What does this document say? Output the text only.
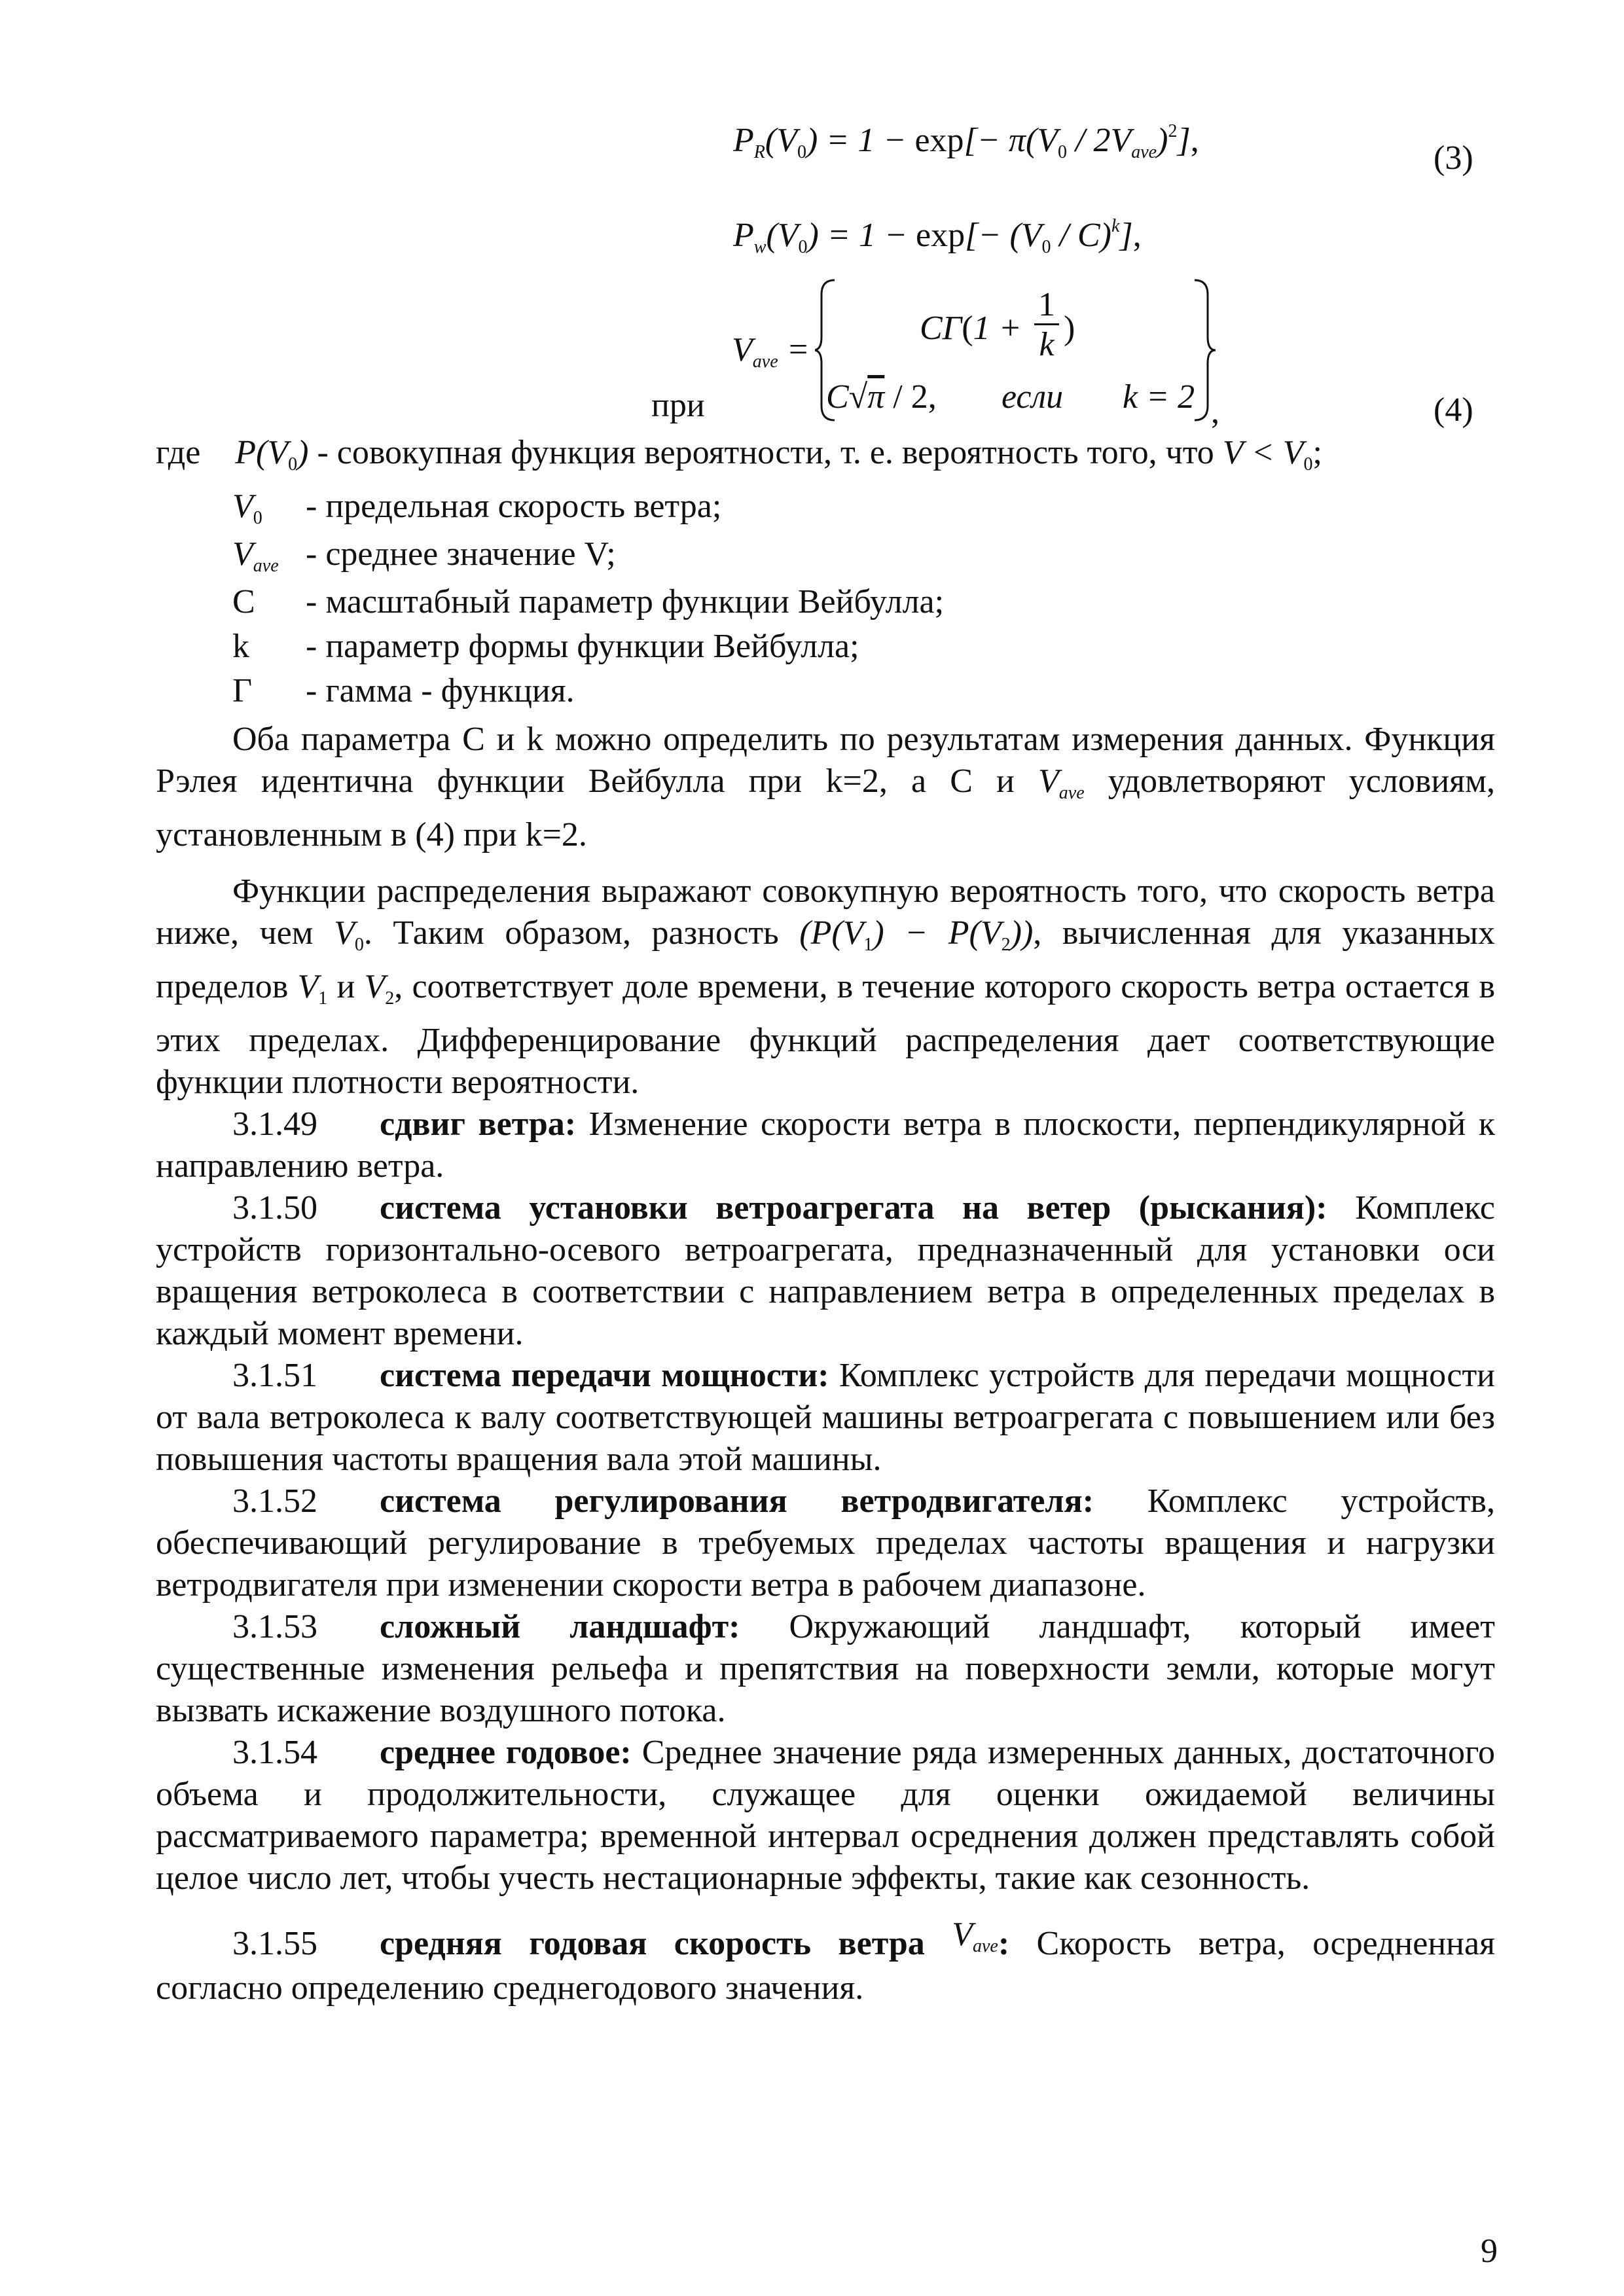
$P_R(V_0) = 1 - \exp[- \pi(V_0 / 2V_{ave})^2]$,	(3)
$P_w(V_0) = 1 - \exp[- (V_0 / C)^k]$,
$V_{ave}$ =
CΓ(1 +
1

k )
C√π / 2, если k = 2
при	,	(4)
где $P(V_0)$ - совокупная функция вероятности, т. е. вероятность того, что $V < V_0$;
$V_0$ - предельная скорость ветра;
$V_{ave}$ - среднее значение V;
C - масштабный параметр функции Вейбулла;
k - параметр формы функции Вейбулла;
Г - гамма - функция.

Оба параметра C и k можно определить по результатам измерения данных. Функция Рэлея идентична функции Вейбулла при k=2, а C и $V_{ave}$ удовлетворяют условиям, установленным в (4) при k=2.

Функции распределения выражают совокупную вероятность того, что скорость ветра ниже, чем $V_0$. Таким образом, разность $(P(V_1) - P(V_2))$, вычисленная для указанных пределов $V_1$ и $V_2$, соответствует доле времени, в течение которого скорость ветра остается в этих пределах. Дифференцирование функций распределения дает соответствующие функции плотности вероятности.

3.1.49 сдвиг ветра: Изменение скорости ветра в плоскости, перпендикулярной к направлению ветра.

3.1.50 система установки ветроагрегата на ветер (рыскания): Комплекс устройств горизонтально-осевого ветроагрегата, предназначенный для установки оси вращения ветроколеса в соответствии с направлением ветра в определенных пределах в каждый момент времени.

3.1.51 система передачи мощности: Комплекс устройств для передачи мощности от вала ветроколеса к валу соответствующей машины ветроагрегата с повышением или без повышения частоты вращения вала этой машины.

3.1.52 система регулирования ветродвигателя: Комплекс устройств, обеспечивающий регулирование в требуемых пределах частоты вращения и нагрузки ветродвигателя при изменении скорости ветра в рабочем диапазоне.

3.1.53 сложный ландшафт: Окружающий ландшафт, который имеет существенные изменения рельефа и препятствия на поверхности земли, которые могут вызвать искажение воздушного потока.

3.1.54 среднее годовое: Среднее значение ряда измеренных данных, достаточного объема и продолжительности, служащее для оценки ожидаемой величины рассматриваемого параметра; временной интервал осреднения должен представлять собой целое число лет, чтобы учесть нестационарные эффекты, такие как сезонность.

3.1.55 средняя годовая скорость ветра $V_{ave}$: Скорость ветра, осредненная согласно определению среднегодового значения.

9
